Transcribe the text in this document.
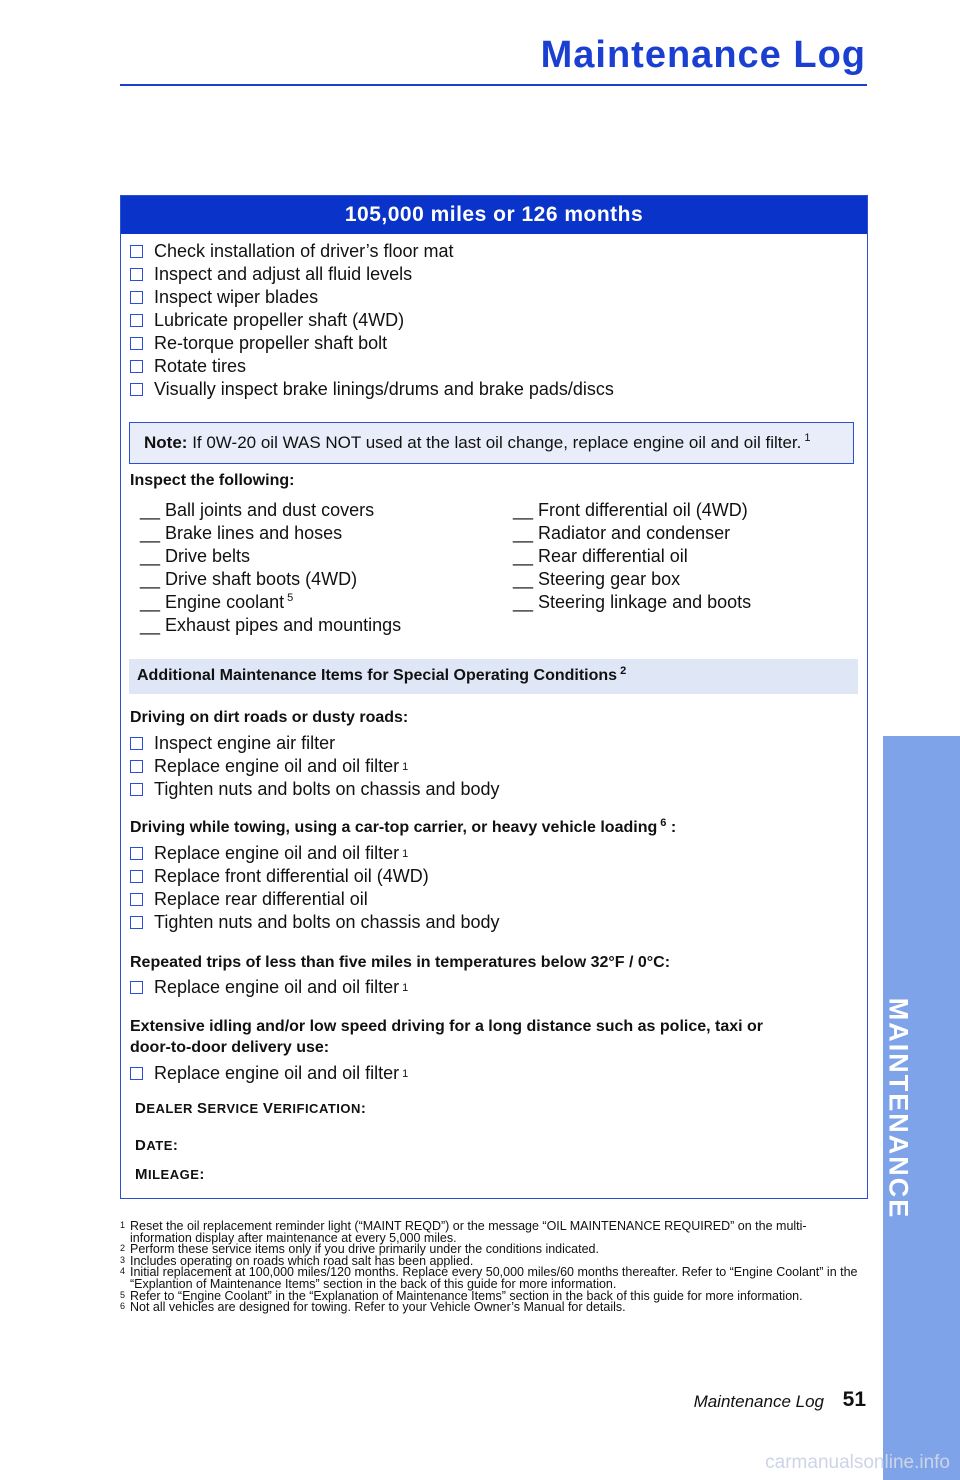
Maintenance Log
MAINTENANCE
105,000 miles or 126 months
Check installation of driver’s floor mat
Inspect and adjust all fluid levels
Inspect wiper blades
Lubricate propeller shaft (4WD)
Re-torque propeller shaft bolt
Rotate tires
Visually inspect brake linings/drums and brake pads/discs
Note: If 0W-20 oil WAS NOT used at the last oil change, replace engine oil and oil filter. $^1$
Inspect the following:
__ Ball joints and dust covers
__ Brake lines and hoses
__ Drive belts
__ Drive shaft boots (4WD)
__ Engine coolant $^5$
__ Exhaust pipes and mountings
__ Front differential oil (4WD)
__ Radiator and condenser
__ Rear differential oil
__ Steering gear box
__ Steering linkage and boots
Additional Maintenance Items for Special Operating Conditions $^2$
Driving on dirt roads or dusty roads:
Inspect engine air filter
Replace engine oil and oil filter 1
Tighten nuts and bolts on chassis and body
Driving while towing, using a car-top carrier, or heavy vehicle loading $^6$ :
Replace engine oil and oil filter 1
Replace front differential oil (4WD)
Replace rear differential oil
Tighten nuts and bolts on chassis and body
Repeated trips of less than five miles in temperatures below 32°F / 0°C:
Replace engine oil and oil filter 1
Extensive idling and/or low speed driving for a long distance such as police, taxi or
door-to-door delivery use:
Replace engine oil and oil filter 1
DEALER SERVICE VERIFICATION:
DATE:
MILEAGE:
1 Reset the oil replacement reminder light (“MAINT REQD”) or the message “OIL MAINTENANCE REQUIRED” on the multi-information display after maintenance at every 5,000 miles.
2 Perform these service items only if you drive primarily under the conditions indicated.
3 Includes operating on roads which road salt has been applied.
4 Initial replacement at 100,000 miles/120 months. Replace every 50,000 miles/60 months thereafter. Refer to “Engine Coolant” in the “Explantion of Maintenance Items” section in the back of this guide for more information.
5 Refer to “Engine Coolant” in the “Explanation of Maintenance Items” section in the back of this guide for more information.
6 Not all vehicles are designed for towing. Refer to your Vehicle Owner’s Manual for details.
Maintenance Log 51
carmanualsonline.info
